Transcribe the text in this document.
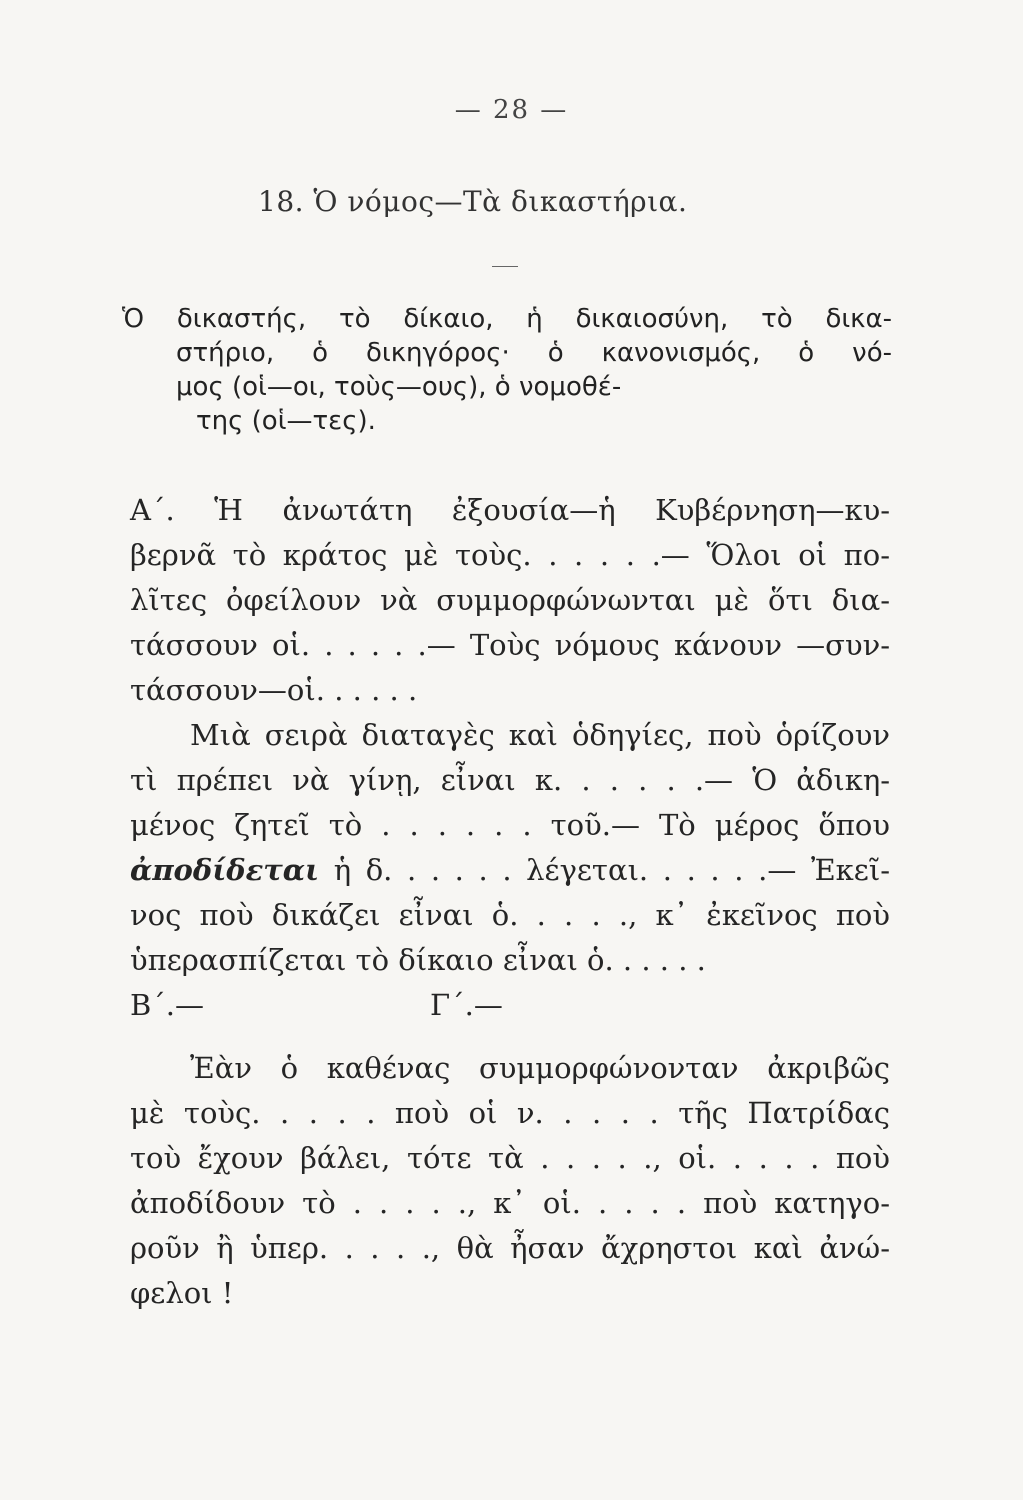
— 28 —
18. Ὁ νόμος—Τὰ δικαστήρια.
Ὁ δικαστής, τὸ δίκαιο, ἡ δικαιοσύνη, τὸ δικα-
στήριο, ὁ δικηγόρος· ὁ κανονισμός, ὁ νό-
μος (οἱ—οι, τοὺς—ους), ὁ νομοθέ-
της (οἱ—τες).
Α΄. Ἡ ἀνωτάτη ἐξουσία—ἡ Κυβέρνηση—κυ-
βερνᾶ τὸ κράτος μὲ τοὺς. . . . . .— Ὅλοι οἱ πο-
λῖτες ὀφείλουν νὰ συμμορφώνωνται μὲ ὅτι δια-
τάσσουν οἱ. . . . . .— Τοὺς νόμους κάνουν —συν-
τάσσουν—οἱ. . . . . .
Μιὰ σειρὰ διαταγὲς καὶ ὁδηγίες, ποὺ ὁρίζουν
τὶ πρέπει νὰ γίνῃ, εἶναι κ. . . . . .— Ὁ ἀδικη-
μένος ζητεῖ τὸ . . . . . . τοῦ.— Τὸ μέρος ὅπου
ἀποδίδεται ἡ δ. . . . . . λέγεται. . . . . .— Ἐκεῖ-
νος ποὺ δικάζει εἶναι ὁ. . . . ., κ᾽ ἐκεῖνος ποὺ
ὑπερασπίζεται τὸ δίκαιο εἶναι ὁ. . . . . .
Β΄.—	Γ΄.—
Ἐὰν ὁ καθένας συμμορφώνονταν ἀκριβῶς
μὲ τοὺς. . . . . ποὺ οἱ ν. . . . . τῆς Πατρίδας
τοὺ ἔχουν βάλει, τότε τὰ . . . . ., οἱ. . . . . ποὺ
ἀποδίδουν τὸ . . . . ., κ᾽ οἱ. . . . . ποὺ κατηγο-
ροῦν ἢ ὑπερ. . . . ., θὰ ἦσαν ἄχρηστοι καὶ ἀνώ-
φελοι !
